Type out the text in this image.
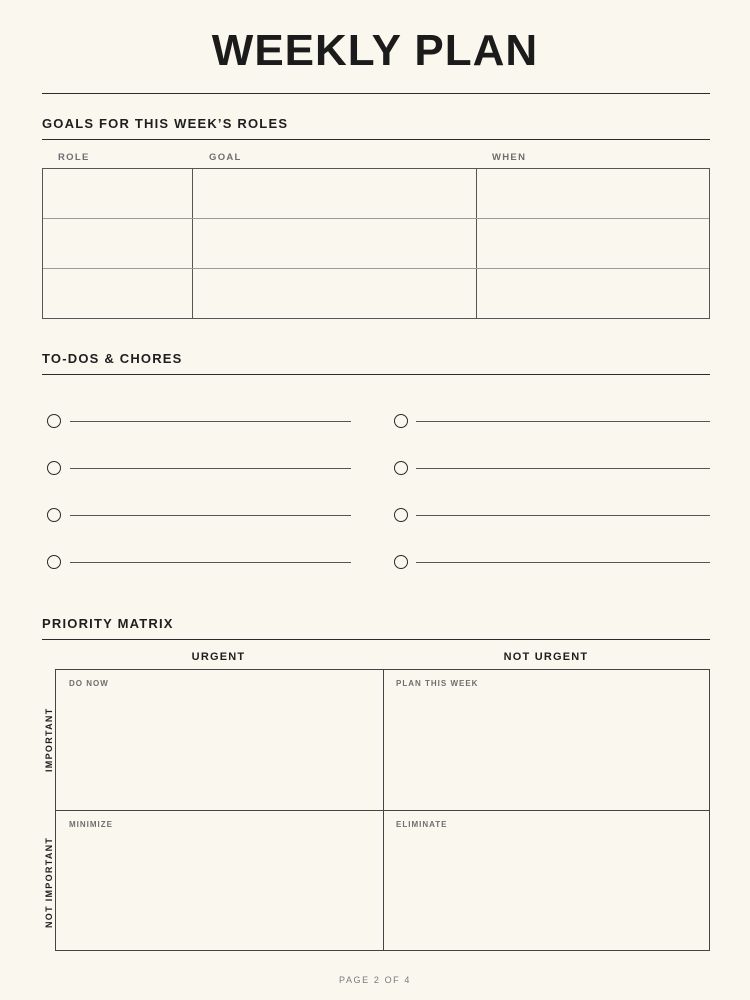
WEEKLY PLAN
GOALS FOR THIS WEEK’S ROLES
ROLE	GOAL	WHEN
TO-DOS & CHORES
PRIORITY MATRIX
URGENT	NOT URGENT
IMPORTANT
NOT IMPORTANT
DO NOW	PLAN THIS WEEK
MINIMIZE	ELIMINATE
PAGE 2 OF 4
